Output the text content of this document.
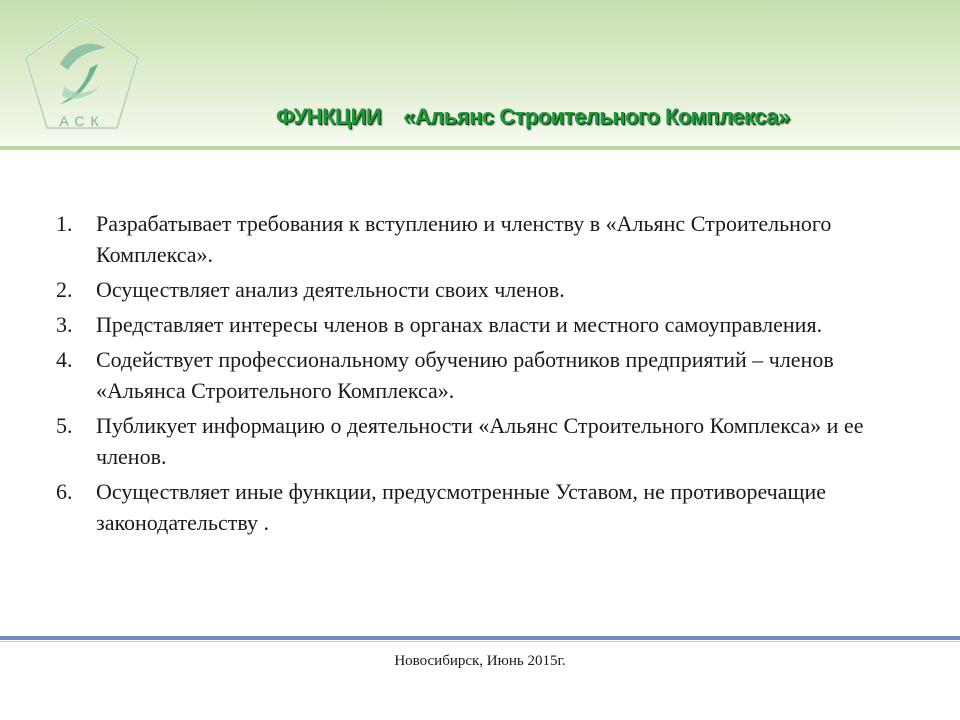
АСК	ФУНКЦИИ «Альянс Строительного Комплекса»
1. Разрабатывает требования к вступлению и членству в «Альянс Строительного Комплекса».
2. Осуществляет анализ деятельности своих членов.
3. Представляет интересы членов в органах власти и местного самоуправления.
4. Содействует профессиональному обучению работников предприятий – членов «Альянса Строительного Комплекса».
5. Публикует информацию о деятельности «Альянс Строительного Комплекса» и ее членов.
6. Осуществляет иные функции, предусмотренные Уставом, не противоречащие законодательству .
Новосибирск, Июнь 2015г.
